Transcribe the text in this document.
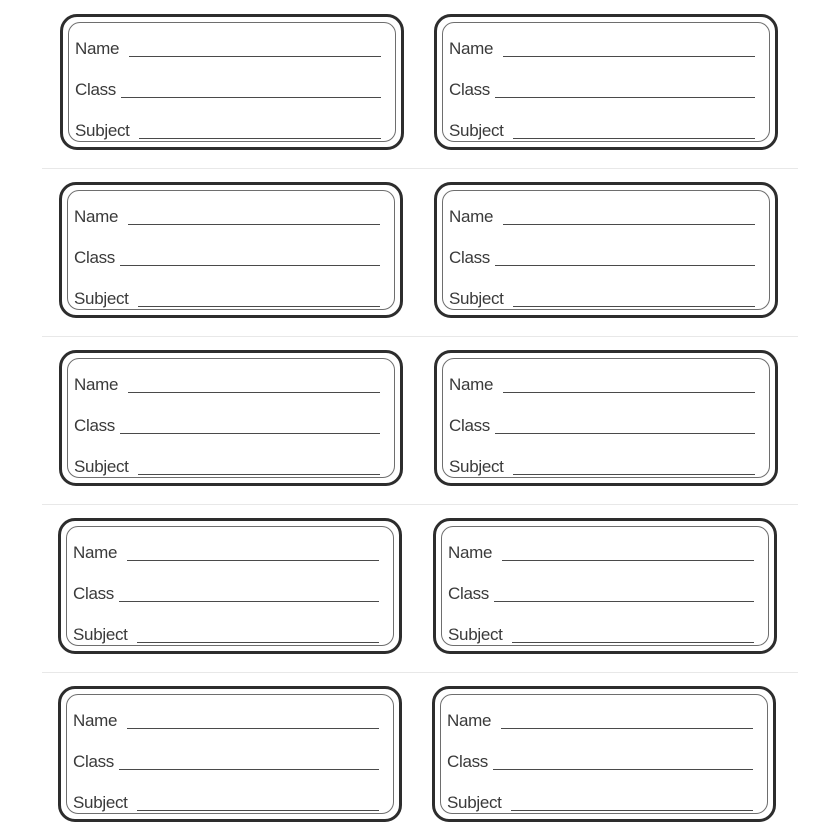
Name
Class
Subject
Name
Class
Subject
Name
Class
Subject
Name
Class
Subject
Name
Class
Subject
Name
Class
Subject
Name
Class
Subject
Name
Class
Subject
Name
Class
Subject
Name
Class
Subject
